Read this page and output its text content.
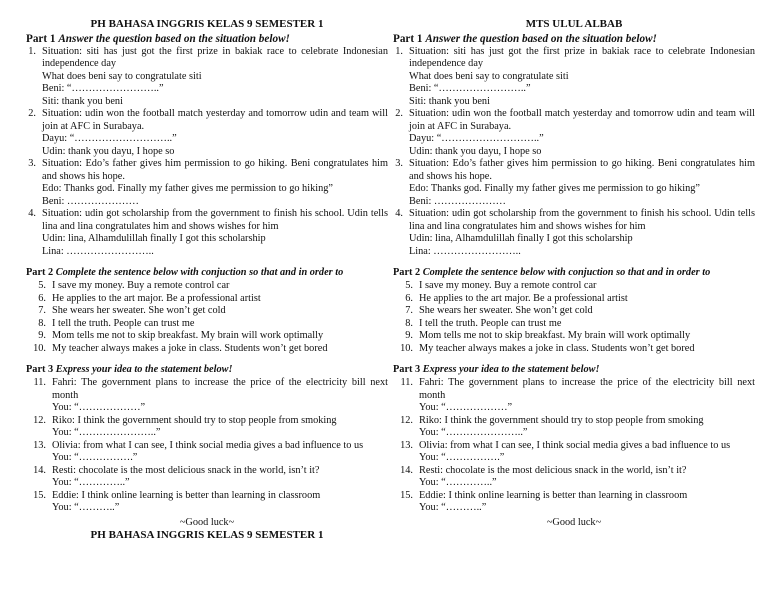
PH BAHASA INGGRIS KELAS 9 SEMESTER 1
Part 1 Answer the question based on the situation below!
1. Situation: siti has just got the first prize in bakiak race to celebrate Indonesian independence day
What does beni say to congratulate siti
Beni: “……………………..”
Siti: thank you beni
2. Situation: udin won the football match yesterday and tomorrow udin and team will join at AFC in Surabaya.
Dayu: “………………………..”
Udin: thank you dayu, I hope so
3. Situation: Edo’s father gives him permission to go hiking. Beni congratulates him and shows his hope.
Edo: Thanks god. Finally my father gives me permission to go hiking”
Beni: …………………
4. Situation: udin got scholarship from the government to finish his school. Udin tells lina and lina congratulates him and shows wishes for him
Udin: lina, Alhamdulillah finally I got this scholarship
Lina: ……………………..
Part 2 Complete the sentence below with conjuction so that and in order to
5. I save my money. Buy a remote control car
6. He applies to the art major. Be a professional artist
7. She wears her sweater. She won’t get cold
8. I tell the truth. People can trust me
9. Mom tells me not to skip breakfast. My brain will work optimally
10. My teacher always makes a joke in class. Students won’t get bored
Part 3 Express your idea to the statement below!
11. Fahri: The government plans to increase the price of the electricity bill next month
You: “………………”
12. Riko: I think the government should try to stop people from smoking
You: “…………………..”
13. Olivia: from what I can see, I think social media gives a bad influence to us
You: “…………….”
14. Resti: chocolate is the most delicious snack in the world, isn’t it?
You: “…………..”
15. Eddie: I think online learning is better than learning in classroom
You: “………..”
~Good luck~
PH BAHASA INGGRIS KELAS 9 SEMESTER 1
MTS ULUL ALBAB
Part 1 Answer the question based on the situation below!
1. Situation: siti has just got the first prize in bakiak race to celebrate Indonesian independence day
What does beni say to congratulate siti
Beni: “……………………..”
Siti: thank you beni
2. Situation: udin won the football match yesterday and tomorrow udin and team will join at AFC in Surabaya.
Dayu: “………………………..”
Udin: thank you dayu, I hope so
3. Situation: Edo’s father gives him permission to go hiking. Beni congratulates him and shows his hope.
Edo: Thanks god. Finally my father gives me permission to go hiking”
Beni: …………………
4. Situation: udin got scholarship from the government to finish his school. Udin tells lina and lina congratulates him and shows wishes for him
Udin: lina, Alhamdulillah finally I got this scholarship
Lina: ……………………..
Part 2 Complete the sentence below with conjuction so that and in order to
5. I save my money. Buy a remote control car
6. He applies to the art major. Be a professional artist
7. She wears her sweater. She won’t get cold
8. I tell the truth. People can trust me
9. Mom tells me not to skip breakfast. My brain will work optimally
10. My teacher always makes a joke in class. Students won’t get bored
Part 3 Express your idea to the statement below!
11. Fahri: The government plans to increase the price of the electricity bill next month
You: “………………”
12. Riko: I think the government should try to stop people from smoking
You: “…………………..”
13. Olivia: from what I can see, I think social media gives a bad influence to us
You: “…………….”
14. Resti: chocolate is the most delicious snack in the world, isn’t it?
You: “…………..”
15. Eddie: I think online learning is better than learning in classroom
You: “………..”
~Good luck~
